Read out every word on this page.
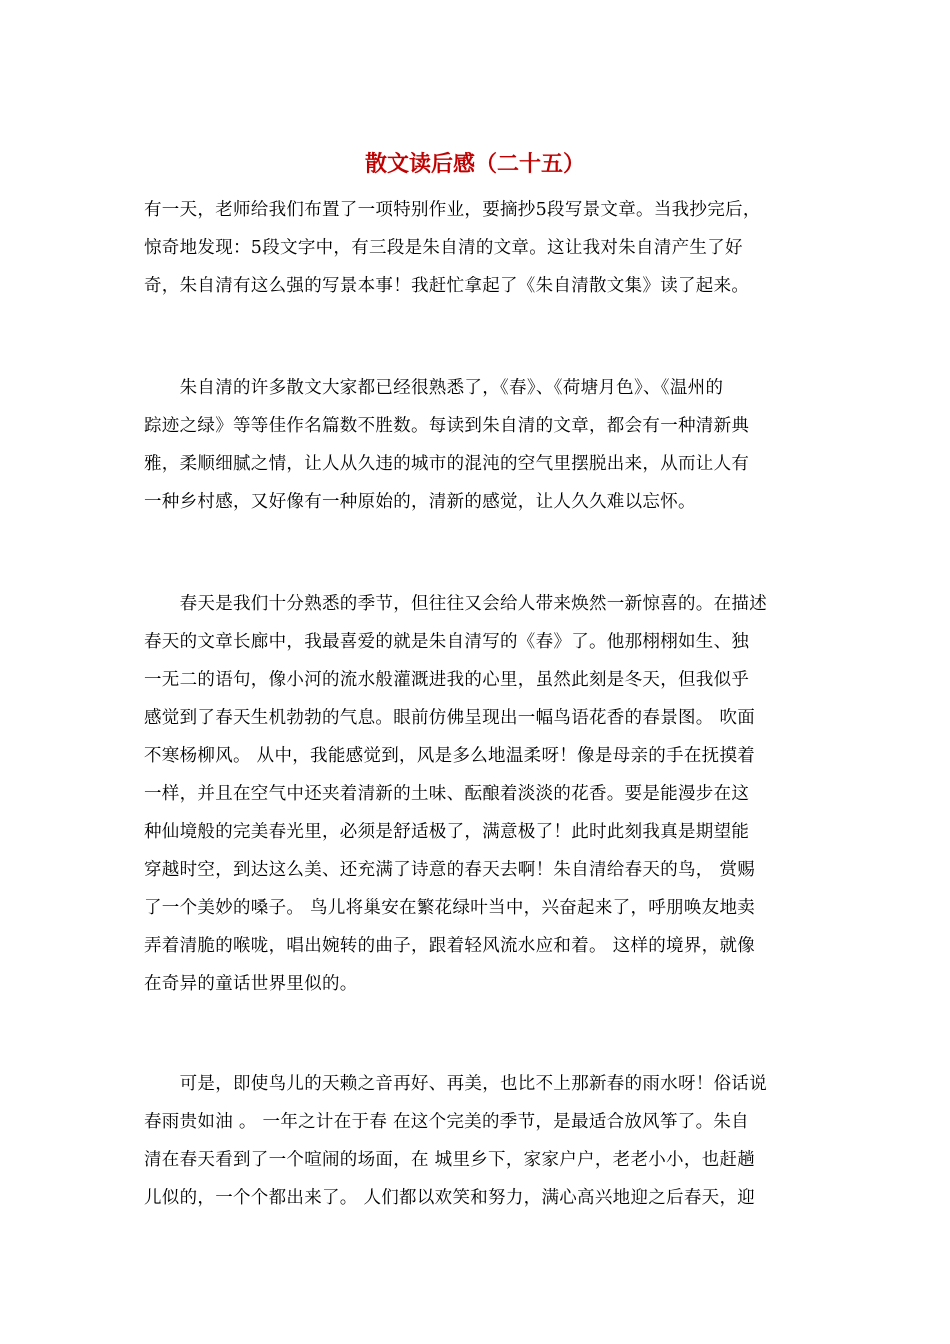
散文读后感（二十五）
有一天，老师给我们布置了一项特别作业，要摘抄5段写景文章。当我抄完后，
惊奇地发现：5段文字中，有三段是朱自清的文章。这让我对朱自清产生了好
奇，朱自清有这么强的写景本事！我赶忙拿起了《朱自清散文集》读了起来。
　　朱自清的许多散文大家都已经很熟悉了，《春》、《荷塘月色》、《温州的
踪迹之绿》等等佳作名篇数不胜数。每读到朱自清的文章，都会有一种清新典
雅，柔顺细腻之情，让人从久违的城市的混沌的空气里摆脱出来，从而让人有
一种乡村感，又好像有一种原始的，清新的感觉，让人久久难以忘怀。
　　春天是我们十分熟悉的季节，但往往又会给人带来焕然一新惊喜的。在描述
春天的文章长廊中，我最喜爱的就是朱自清写的《春》了。他那栩栩如生、独
一无二的语句，像小河的流水般灌溉进我的心里，虽然此刻是冬天，但我似乎
感觉到了春天生机勃勃的气息。眼前仿佛呈现出一幅鸟语花香的春景图。 吹面
不寒杨柳风。 从中，我能感觉到，风是多么地温柔呀！像是母亲的手在抚摸着
一样，并且在空气中还夹着清新的土味、酝酿着淡淡的花香。要是能漫步在这
种仙境般的完美春光里，必须是舒适极了，满意极了！此时此刻我真是期望能
穿越时空，到达这么美、还充满了诗意的春天去啊！朱自清给春天的鸟， 赏赐
了一个美妙的嗓子。 鸟儿将巢安在繁花绿叶当中，兴奋起来了，呼朋唤友地卖
弄着清脆的喉咙，唱出婉转的曲子，跟着轻风流水应和着。 这样的境界，就像
在奇异的童话世界里似的。
　　可是，即使鸟儿的天赖之音再好、再美，也比不上那新春的雨水呀！俗话说
春雨贵如油 。 一年之计在于春 在这个完美的季节，是最适合放风筝了。朱自
清在春天看到了一个喧闹的场面，在 城里乡下，家家户户，老老小小，也赶趟
儿似的，一个个都出来了。 人们都以欢笑和努力，满心高兴地迎之后春天，迎
